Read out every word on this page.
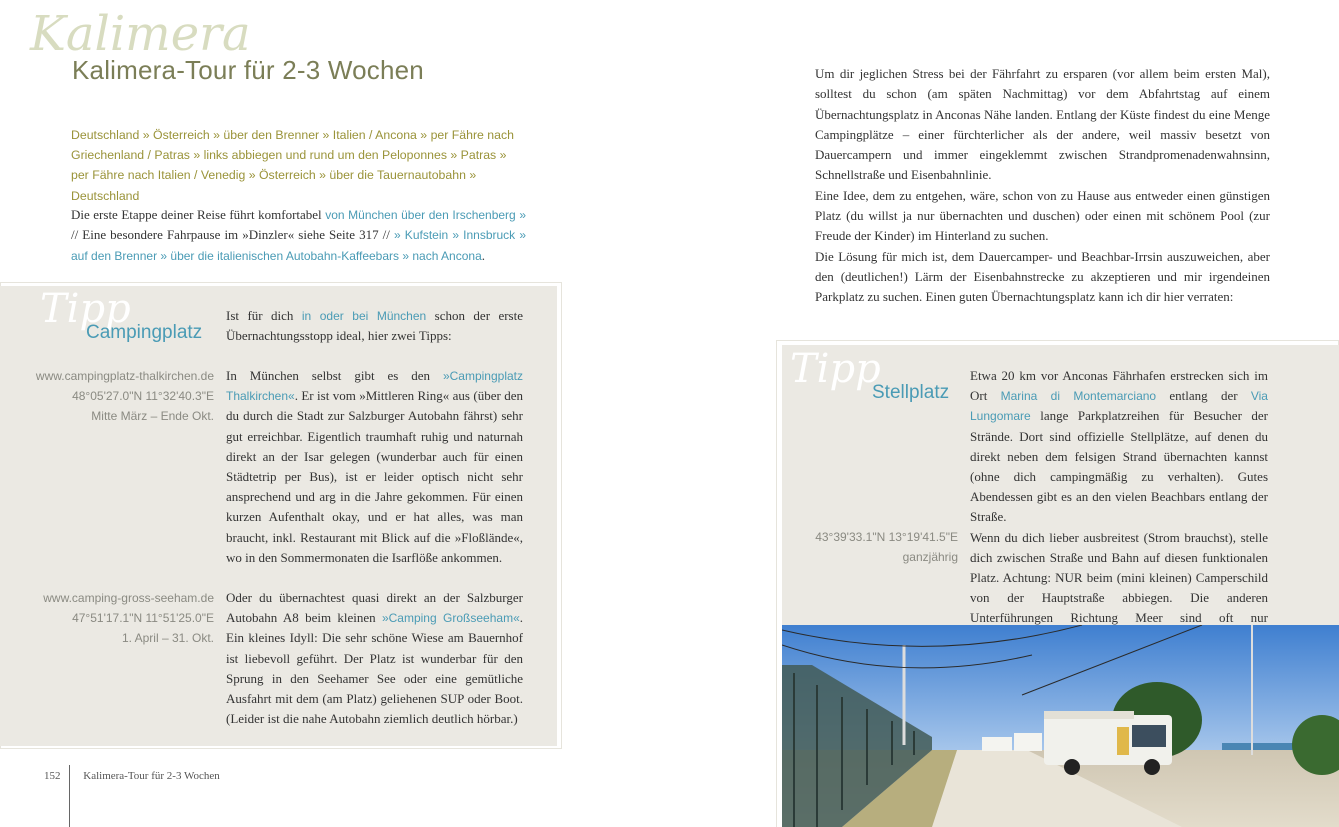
Kalimera
Kalimera-Tour für 2-3 Wochen
Deutschland » Österreich » über den Brenner » Italien / Ancona » per Fähre nach Griechenland / Patras » links abbiegen und rund um den Peloponnes » Patras » per Fähre nach Italien / Venedig » Österreich » über die Tauernautobahn » Deutschland
Die erste Etappe deiner Reise führt komfortabel von München über den Irschenberg » // Eine besondere Fahrpause im »Dinzler« siehe Seite 317 // » Kufstein » Innsbruck » auf den Brenner » über die italienischen Autobahn-Kaffeebars » nach Ancona.
Tipp
Campingplatz
Ist für dich in oder bei München schon der erste Übernachtungsstopp ideal, hier zwei Tipps:
www.campingplatz-thalkirchen.de
48°05'27.0"N 11°32'40.3"E
Mitte März – Ende Okt.
In München selbst gibt es den »Campingplatz Thalkirchen«. Er ist vom »Mittleren Ring« aus (über den du durch die Stadt zur Salzburger Autobahn fährst) sehr gut erreichbar. Eigentlich traumhaft ruhig und naturnah direkt an der Isar gelegen (wunderbar auch für einen Städtetrip per Bus), ist er leider optisch nicht sehr ansprechend und arg in die Jahre gekommen. Für einen kurzen Aufenthalt okay, und er hat alles, was man braucht, inkl. Restaurant mit Blick auf die »Floßlände«, wo in den Sommermonaten die Isarflöße ankommen.
www.camping-gross-seeham.de
47°51'17.1"N 11°51'25.0"E
1. April – 31. Okt.
Oder du übernachtest quasi direkt an der Salzburger Autobahn A8 beim kleinen »Camping Großseeham«. Ein kleines Idyll: Die sehr schöne Wiese am Bauernhof ist liebevoll geführt. Der Platz ist wunderbar für den Sprung in den Seehamer See oder eine gemütliche Ausfahrt mit dem (am Platz) geliehenen SUP oder Boot. (Leider ist die nahe Autobahn ziemlich deutlich hörbar.)
Um dir jeglichen Stress bei der Fährfahrt zu ersparen (vor allem beim ersten Mal), solltest du schon (am späten Nachmittag) vor dem Abfahrtstag auf einem Übernachtungsplatz in Anconas Nähe landen. Entlang der Küste findest du eine Menge Campingplätze – einer fürchterlicher als der andere, weil massiv besetzt von Dauercampern und immer eingeklemmt zwischen Strandpromenadenwahnsinn, Schnellstraße und Eisenbahnlinie.
Eine Idee, dem zu entgehen, wäre, schon von zu Hause aus entweder einen günstigen Platz (du willst ja nur übernachten und duschen) oder einen mit schönem Pool (zur Freude der Kinder) im Hinterland zu suchen.
Die Lösung für mich ist, dem Dauercamper- und Beachbar-Irrsin auszuweichen, aber den (deutlichen!) Lärm der Eisenbahnstrecke zu akzeptieren und mir irgendeinen Parkplatz zu suchen. Einen guten Übernachtungsplatz kann ich dir hier verraten:
Tipp
Stellplatz
43°39'33.1"N 13°19'41.5"E
ganzjährig
Etwa 20 km vor Anconas Fährhafen erstrecken sich im Ort Marina di Montemarciano entlang der Via Lungomare lange Parkplatzreihen für Besucher der Strände. Dort sind offizielle Stellplätze, auf denen du direkt neben dem felsigen Strand übernachten kannst (ohne dich campingmäßig zu verhalten). Gutes Abendessen gibt es an den vielen Beachbars entlang der Straße.
Wenn du dich lieber ausbreitest (Strom brauchst), stelle dich zwischen Straße und Bahn auf diesen funktionalen Platz. Achtung: NUR beim (mini kleinen) Camperschild von der Hauptstraße abbiegen. Die anderen Unterführungen Richtung Meer sind oft nur
152 Kalimera-Tour für 2-3 Wochen
